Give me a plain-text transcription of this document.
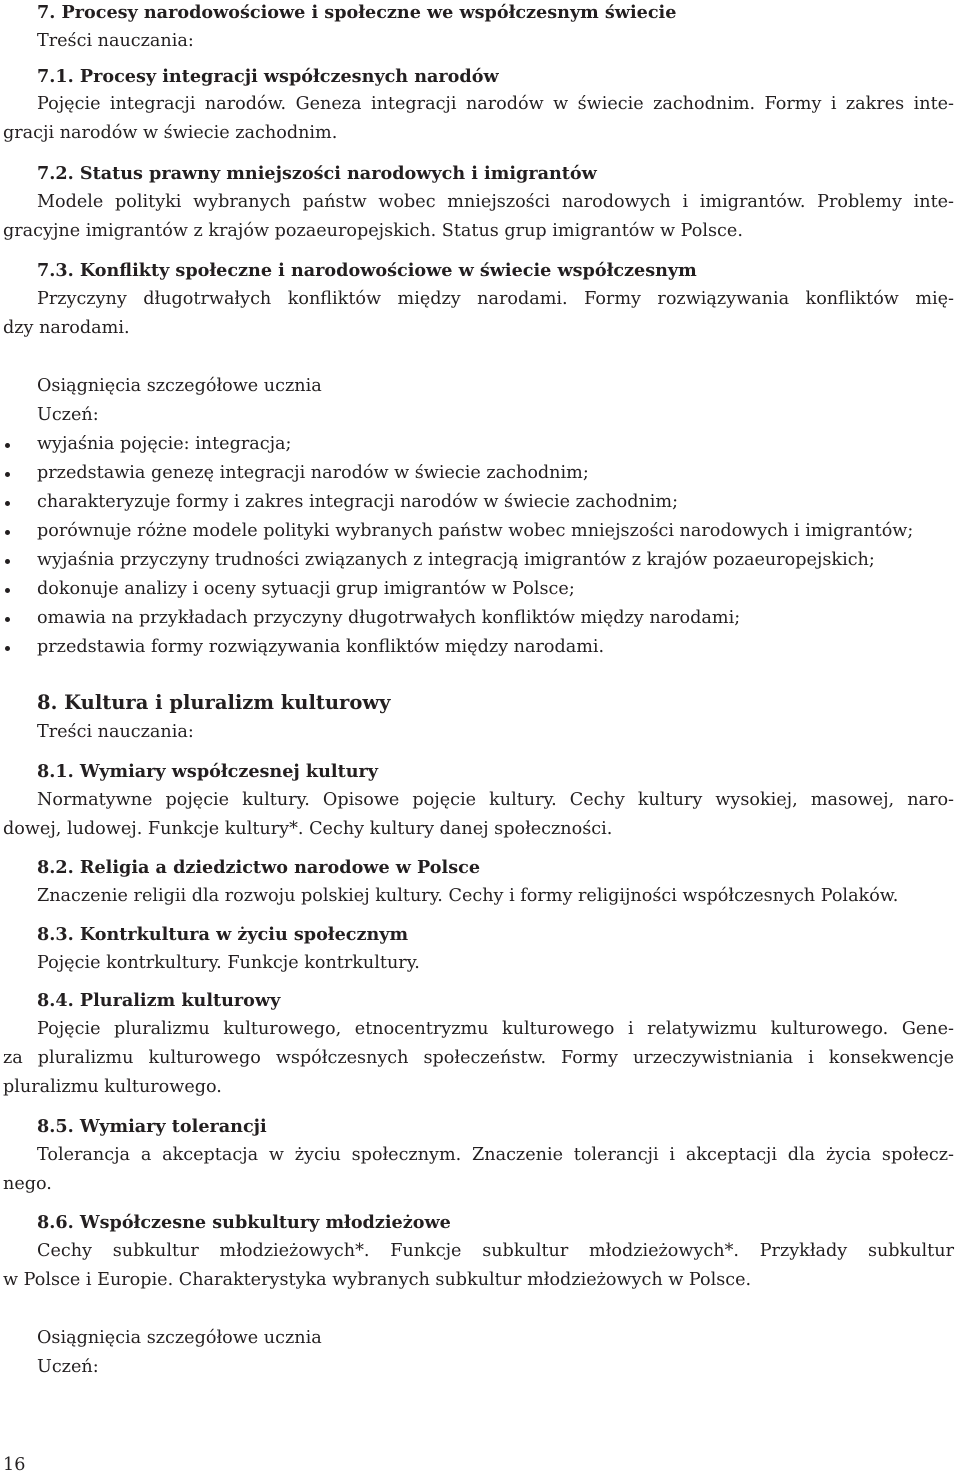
7. Procesy narodowościowe i społeczne we współczesnym świecie
Treści nauczania:
7.1. Procesy integracji współczesnych narodów
Pojęcie integracji narodów. Geneza integracji narodów w świecie zachodnim. Formy i zakres inte-
gracji narodów w świecie zachodnim.
7.2. Status prawny mniejszości narodowych i imigrantów
Modele polityki wybranych państw wobec mniejszości narodowych i imigrantów. Problemy inte-
gracyjne imigrantów z krajów pozaeuropejskich. Status grup imigrantów w Polsce.
7.3. Konflikty społeczne i narodowościowe w świecie współczesnym
Przyczyny długotrwałych konfliktów między narodami. Formy rozwiązywania konfliktów mię-
dzy narodami.
Osiągnięcia szczegółowe ucznia
Uczeń:
wyjaśnia pojęcie: integracja;
przedstawia genezę integracji narodów w świecie zachodnim;
charakteryzuje formy i zakres integracji narodów w świecie zachodnim;
porównuje różne modele polityki wybranych państw wobec mniejszości narodowych i imigrantów;
wyjaśnia przyczyny trudności związanych z integracją imigrantów z krajów pozaeuropejskich;
dokonuje analizy i oceny sytuacji grup imigrantów w Polsce;
omawia na przykładach przyczyny długotrwałych konfliktów między narodami;
przedstawia formy rozwiązywania konfliktów między narodami.
8. Kultura i pluralizm kulturowy
Treści nauczania:
8.1. Wymiary współczesnej kultury
Normatywne pojęcie kultury. Opisowe pojęcie kultury. Cechy kultury wysokiej, masowej, naro-
dowej, ludowej. Funkcje kultury*. Cechy kultury danej społeczności.
8.2. Religia a dziedzictwo narodowe w Polsce
Znaczenie religii dla rozwoju polskiej kultury. Cechy i formy religijności współczesnych Polaków.
8.3. Kontrkultura w życiu społecznym
Pojęcie kontrkultury. Funkcje kontrkultury.
8.4. Pluralizm kulturowy
Pojęcie pluralizmu kulturowego, etnocentryzmu kulturowego i relatywizmu kulturowego. Gene-
za pluralizmu kulturowego współczesnych społeczeństw. Formy urzeczywistniania i konsekwencje
pluralizmu kulturowego.
8.5. Wymiary tolerancji
Tolerancja a akceptacja w życiu społecznym. Znaczenie tolerancji i akceptacji dla życia społecz-
nego.
8.6. Współczesne subkultury młodzieżowe
Cechy subkultur młodzieżowych*. Funkcje subkultur młodzieżowych*. Przykłady subkultur
w Polsce i Europie. Charakterystyka wybranych subkultur młodzieżowych w Polsce.
Osiągnięcia szczegółowe ucznia
Uczeń:
16
